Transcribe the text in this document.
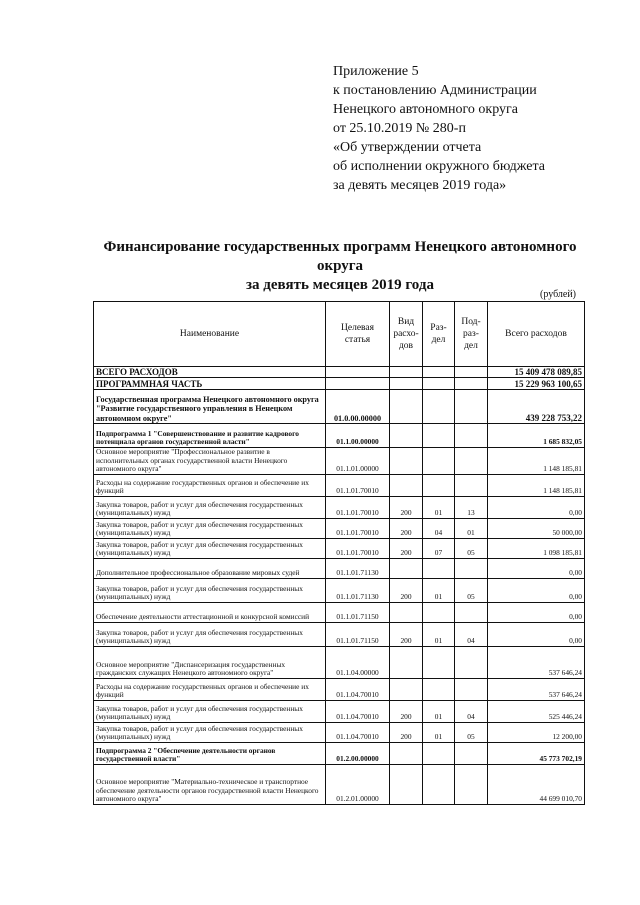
Приложение 5
к постановлению Администрации
Ненецкого автономного округа
от 25.10.2019 № 280-п
«Об утверждении отчета
об исполнении окружного бюджета
за девять месяцев 2019 года»
Финансирование государственных программ Ненецкого автономного округа
за девять месяцев 2019 года
(рублей)
Наименование	Целевая статья	Вид расхо- дов	Раз- дел	Под- раз- дел	Всего расходов
ВСЕГО РАСХОДОВ					15 409 478 089,85
ПРОГРАММНАЯ ЧАСТЬ					15 229 963 100,65
Государственная программа Ненецкого автономного округа "Развитие государственного управления в Ненецком автономном округе"	01.0.00.00000				439 228 753,22
Подпрограмма 1 "Совершенствование и развитие кадрового потенциала органов государственной власти"	01.1.00.00000				1 685 832,05
Основное мероприятие "Профессиональное развитие в исполнительных органах государственной власти Ненецкого автономного округа"	01.1.01.00000				1 148 185,81
Расходы на содержание государственных органов и обеспечение их функций	01.1.01.70010				1 148 185,81
Закупка товаров, работ и услуг для обеспечения государственных (муниципальных) нужд	01.1.01.70010	200	01	13	0,00
Закупка товаров, работ и услуг для обеспечения государственных (муниципальных) нужд	01.1.01.70010	200	04	01	50 000,00
Закупка товаров, работ и услуг для обеспечения государственных (муниципальных) нужд	01.1.01.70010	200	07	05	1 098 185,81
Дополнительное профессиональное образование мировых судей	01.1.01.71130				0,00
Закупка товаров, работ и услуг для обеспечения государственных (муниципальных) нужд	01.1.01.71130	200	01	05	0,00
Обеспечение деятельности аттестационной и конкурсной комиссий	01.1.01.71150				0,00
Закупка товаров, работ и услуг для обеспечения государственных (муниципальных) нужд	01.1.01.71150	200	01	04	0,00
Основное мероприятие "Диспансеризация государственных гражданских служащих Ненецкого автономного округа"	01.1.04.00000				537 646,24
Расходы на содержание государственных органов и обеспечение их функций	01.1.04.70010				537 646,24
Закупка товаров, работ и услуг для обеспечения государственных (муниципальных) нужд	01.1.04.70010	200	01	04	525 446,24
Закупка товаров, работ и услуг для обеспечения государственных (муниципальных) нужд	01.1.04.70010	200	01	05	12 200,00
Подпрограмма 2 "Обеспечение деятельности органов государственной власти"	01.2.00.00000				45 773 702,19
Основное мероприятие "Материально-техническое и транспортное обеспечение деятельности органов государственной власти Ненецкого автономного округа"	01.2.01.00000				44 699 010,70
